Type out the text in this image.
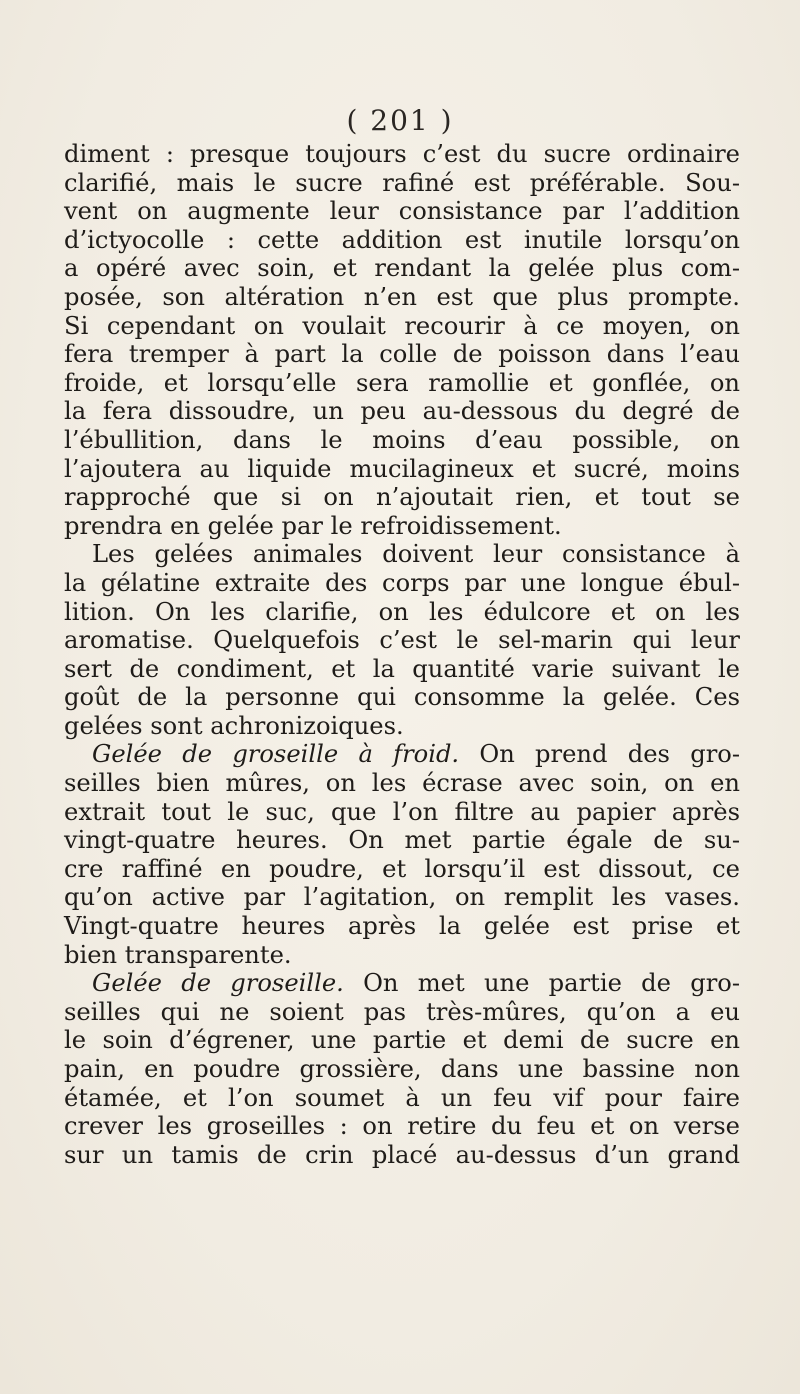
( 201 )
diment : presque toujours c’est du sucre ordinaire
clarifié, mais le sucre rafiné est préférable. Sou-
vent on augmente leur consistance par l’addition
d’ictyocolle : cette addition est inutile lorsqu’on
a opéré avec soin, et rendant la gelée plus com-
posée, son altération n’en est que plus prompte.
Si cependant on voulait recourir à ce moyen, on
fera tremper à part la colle de poisson dans l’eau
froide, et lorsqu’elle sera ramollie et gonflée, on
la fera dissoudre, un peu au-dessous du degré de
l’ébullition, dans le moins d’eau possible, on
l’ajoutera au liquide mucilagineux et sucré, moins
rapproché que si on n’ajoutait rien, et tout se
prendra en gelée par le refroidissement.
Les gelées animales doivent leur consistance à
la gélatine extraite des corps par une longue ébul-
lition. On les clarifie, on les édulcore et on les
aromatise. Quelquefois c’est le sel-marin qui leur
sert de condiment, et la quantité varie suivant le
goût de la personne qui consomme la gelée. Ces
gelées sont achronizoiques.
Gelée de groseille à froid. On prend des gro-
seilles bien mûres, on les écrase avec soin, on en
extrait tout le suc, que l’on filtre au papier après
vingt-quatre heures. On met partie égale de su-
cre raffiné en poudre, et lorsqu’il est dissout, ce
qu’on active par l’agitation, on remplit les vases.
Vingt-quatre heures après la gelée est prise et
bien transparente.
Gelée de groseille. On met une partie de gro-
seilles qui ne soient pas très-mûres, qu’on a eu
le soin d’égrener, une partie et demi de sucre en
pain, en poudre grossière, dans une bassine non
étamée, et l’on soumet à un feu vif pour faire
crever les groseilles : on retire du feu et on verse
sur un tamis de crin placé au-dessus d’un grand
